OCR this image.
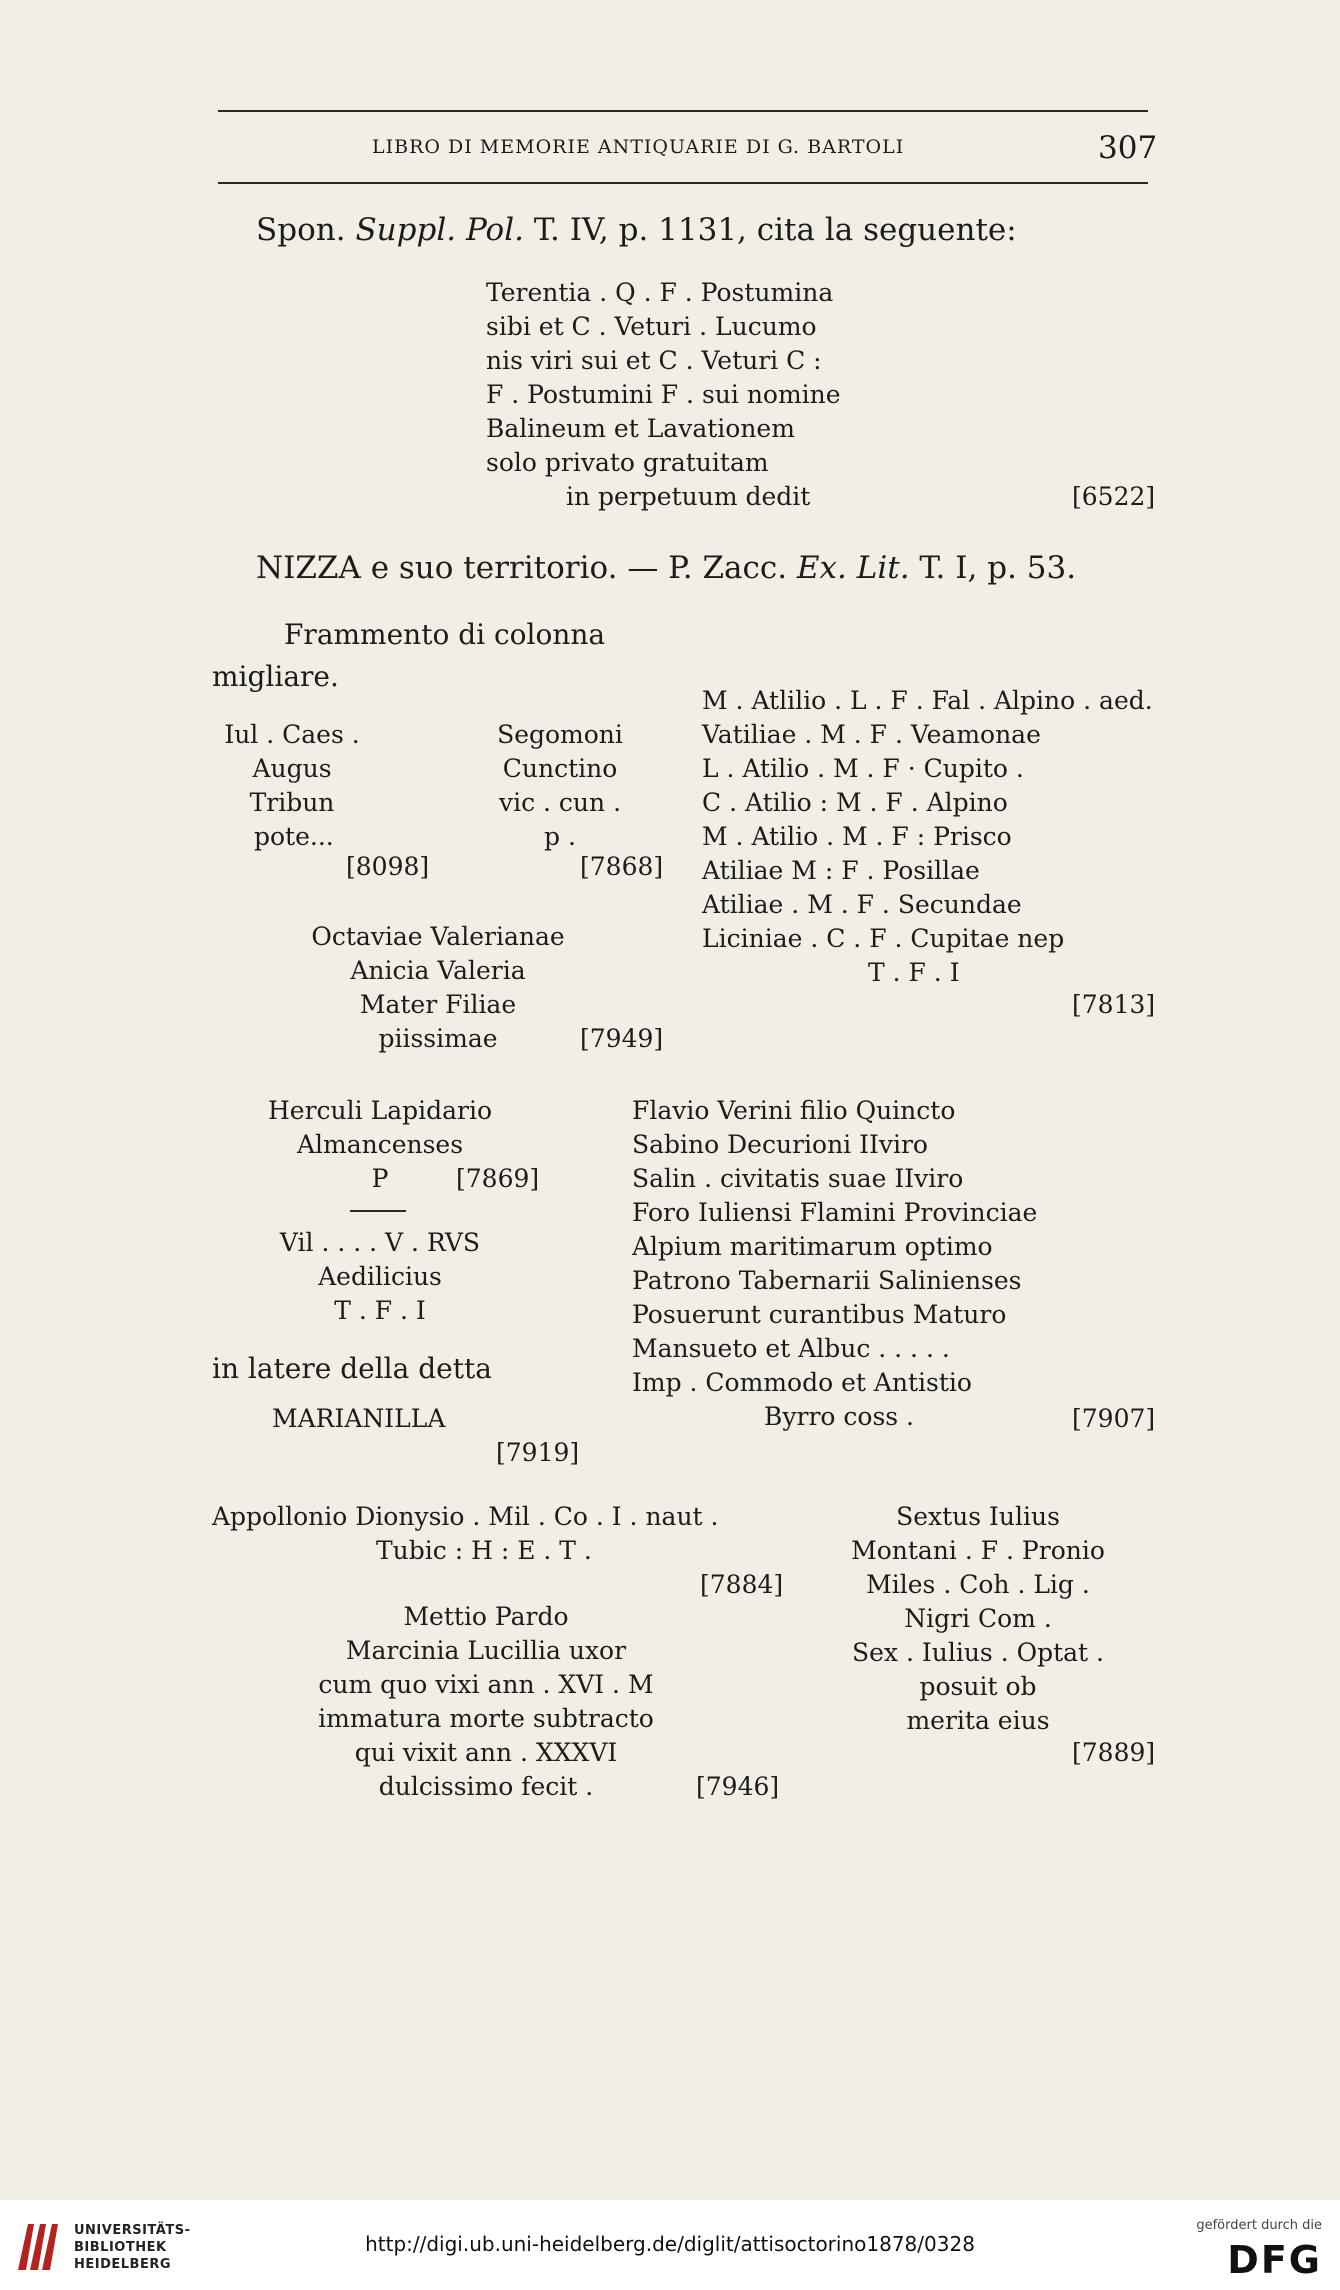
LIBRO DI MEMORIE ANTIQUARIE DI G. BARTOLI	307
Spon. Suppl. Pol. T. IV, p. 1131, cita la seguente:
Terentia . Q . F . Postumina
sibi et C . Veturi . Lucumo
nis viri sui et C . Veturi C :
F . Postumini F . sui nomine
Balineum et Lavationem
solo privato gratuitam
in perpetuum dedit	[6522]
NIZZA e suo territorio. — P. Zacc. Ex. Lit. T. I, p. 53.
Frammento di colonna
migliare.
Iul . Caes .
Augus
Tribun
pote...
[8098]
Segomoni
Cunctino
vic . cun .
p .
[7868]
M . Atlilio . L . F . Fal . Alpino . aed.
Vatiliae . M . F . Veamonae
L . Atilio . M . F · Cupito .
C . Atilio : M . F . Alpino
M . Atilio . M . F : Prisco
Atiliae M : F . Posillae
Atiliae . M . F . Secundae
Liciniae . C . F . Cupitae nep
T . F . I
[7813]
Octaviae Valerianae
Anicia Valeria
Mater Filiae
piissimae	[7949]
Herculi Lapidario
Almancenses
P	[7869]
Vil . . . . V . RVS
Aedilicius
T . F . I
in latere della detta
MARIANILLA
[7919]
Flavio Verini filio Quincto
Sabino Decurioni IIviro
Salin . civitatis suae IIviro
Foro Iuliensi Flamini Provinciae
Alpium maritimarum optimo
Patrono Tabernarii Salinienses
Posuerunt curantibus Maturo
Mansueto et Albuc . . . . .
Imp . Commodo et Antistio
Byrro coss .	[7907]
Appollonio Dionysio . Mil . Co . I . naut .
Tubic : H : E . T .
[7884]
Mettio Pardo
Marcinia Lucillia uxor
cum quo vixi ann . XVI . M
immatura morte subtracto
qui vixit ann . XXXVI
dulcissimo fecit .	[7946]
Sextus Iulius
Montani . F . Pronio
Miles . Coh . Lig .
Nigri Com .
Sex . Iulius . Optat .
posuit ob
merita eius
[7889]
UNIVERSITÄTS-
BIBLIOTHEK
HEIDELBERG
http://digi.ub.uni-heidelberg.de/diglit/attisoctorino1878/0328
gefördert durch die
DFG
